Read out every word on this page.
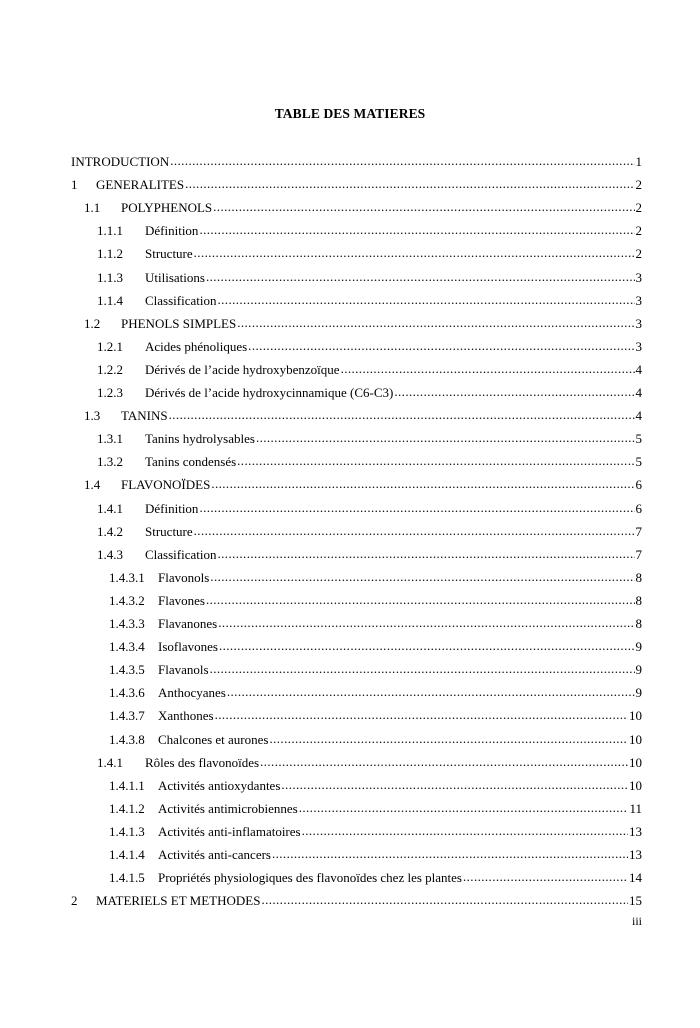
TABLE DES MATIERES
INTRODUCTION .....	1
1	GENERALITES .....	2
1.1	POLYPHENOLS .....	2
1.1.1	Définition .....	2
1.1.2	Structure .....	2
1.1.3	Utilisations .....	3
1.1.4	Classification .....	3
1.2	PHENOLS SIMPLES .....	3
1.2.1	Acides phénoliques .....	3
1.2.2	Dérivés de l’acide hydroxybenzoïque .....	4
1.2.3	Dérivés de l’acide hydroxycinnamique (C6-C3) .....	4
1.3	TANINS .....	4
1.3.1	Tanins hydrolysables .....	5
1.3.2	Tanins condensés .....	5
1.4	FLAVONOÏDES .....	6
1.4.1	Définition .....	6
1.4.2	Structure .....	7
1.4.3	Classification .....	7
1.4.3.1	Flavonols .....	8
1.4.3.2	Flavones .....	8
1.4.3.3	Flavanones .....	8
1.4.3.4	Isoflavones .....	9
1.4.3.5	Flavanols .....	9
1.4.3.6	Anthocyanes .....	9
1.4.3.7	Xanthones .....	10
1.4.3.8	Chalcones et aurones .....	10
1.4.1	Rôles des flavonoïdes .....	10
1.4.1.1	Activités antioxydantes .....	10
1.4.1.2	Activités antimicrobiennes .....	11
1.4.1.3	Activités anti-inflamatoires .....	13
1.4.1.4	Activités anti-cancers .....	13
1.4.1.5	Propriétés physiologiques des flavonoïdes chez les plantes .....	14
2	MATERIELS ET METHODES .....	15
iii
